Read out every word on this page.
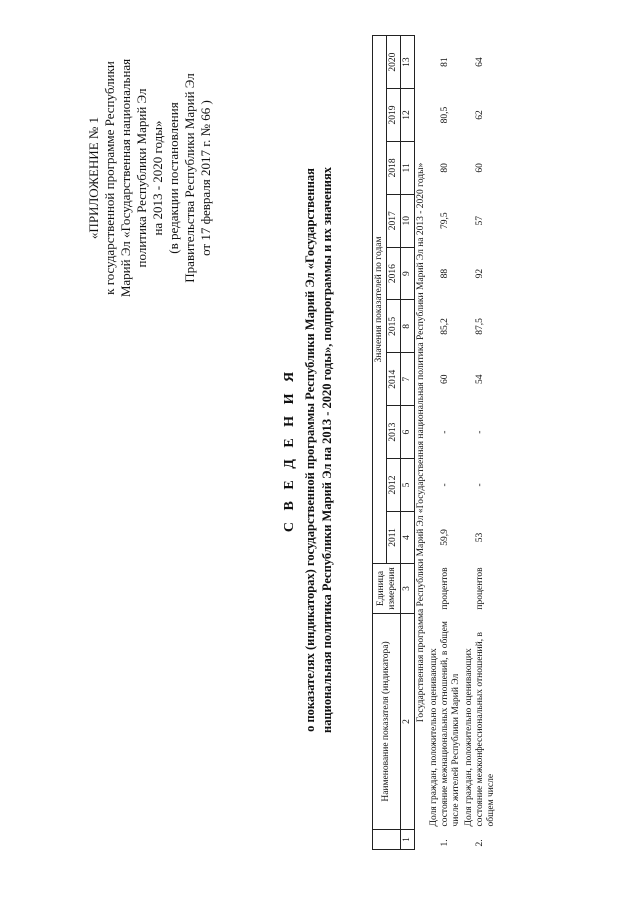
«ПРИЛОЖЕНИЕ № 1 к государственной программе Республики Марий Эл «Государственная национальная политика Республики Марий Эл на 2013 - 2020 годы» (в редакции постановления Правительства Республики Марий Эл от 17 февраля 2017 г. № 66 )
С В Е Д Е Н И Я о показателях (индикаторах) государственной программы Республики Марий Эл «Государственная национальная политика Республики Марий Эл на 2013 - 2020 годы», подпрограммы и их значениях
		Наименование показателя (индикатора)	Единица измерения	Значения показателей по годам									
			2011	2012	2013	2014	2015	2016	2017	2018	2019	2020
1	2	3	4	5	6	7	8	9	10	11	12	13
Государственная программа Республики Марий Эл «Государственная национальная политика Республики Марий Эл на 2013 - 2020 годы»												
1.	Доля граждан, положительно оценивающих состояние межнациональных отношений, в общем числе жителей Республики Марий Эл	процентов	59,9	-	-	60	85,2	88	79,5	80	80,5	81
2.	Доля граждан, положительно оценивающих состояние межконфессиональных отношений, в общем числе	процентов	53	-	-	54	87,5	92	57	60	62	64
